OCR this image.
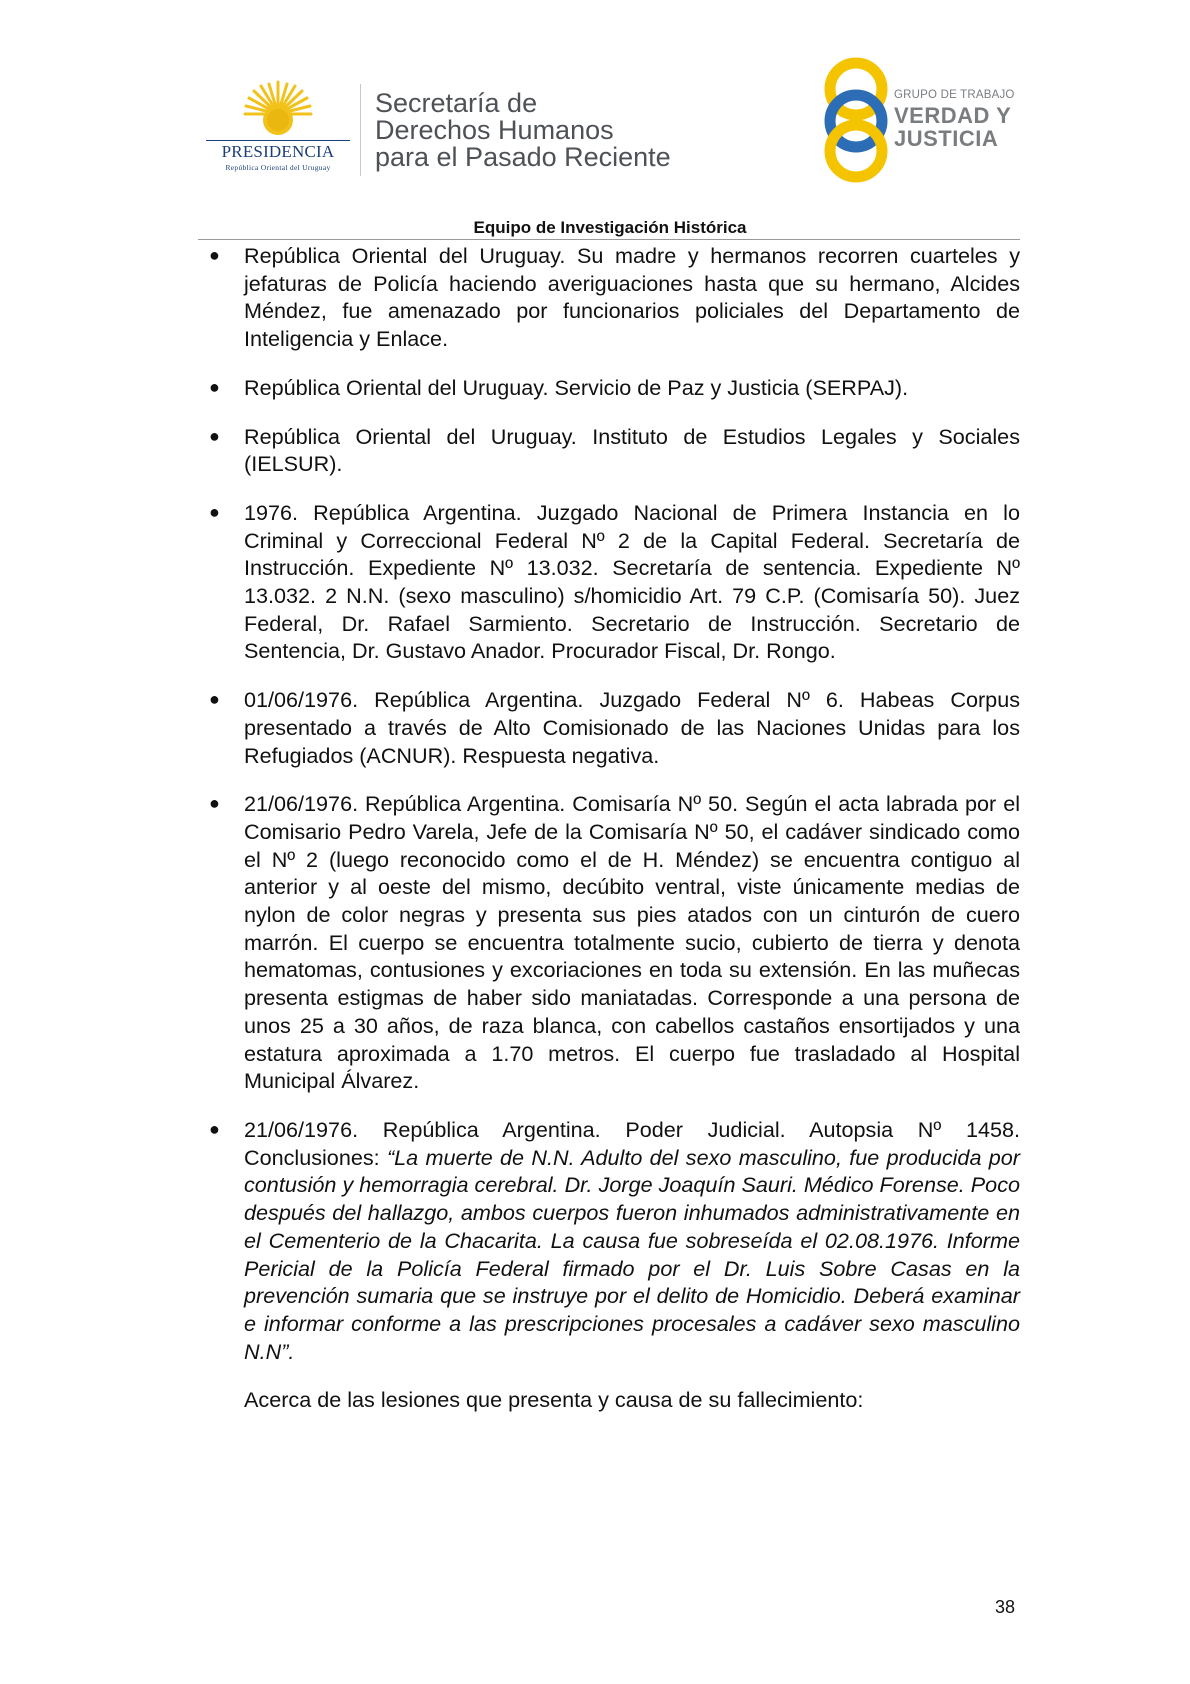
PRESIDENCIA
República Oriental del Uruguay
Secretaría de
Derechos Humanos
para el Pasado Reciente
GRUPO DE TRABAJO
VERDAD Y
JUSTICIA
Equipo de Investigación Histórica
● República Oriental del Uruguay. Su madre y hermanos recorren cuarteles y jefaturas de Policía haciendo averiguaciones hasta que su hermano, Alcides Méndez, fue amenazado por funcionarios policiales del Departamento de Inteligencia y Enlace.
● República Oriental del Uruguay. Servicio de Paz y Justicia (SERPAJ).
● República Oriental del Uruguay. Instituto de Estudios Legales y Sociales (IELSUR).
● 1976. República Argentina. Juzgado Nacional de Primera Instancia en lo Criminal y Correccional Federal Nº 2 de la Capital Federal. Secretaría de Instrucción. Expediente Nº 13.032. Secretaría de sentencia. Expediente Nº 13.032. 2 N.N. (sexo masculino) s/homicidio Art. 79 C.P. (Comisaría 50). Juez Federal, Dr. Rafael Sarmiento. Secretario de Instrucción. Secretario de Sentencia, Dr. Gustavo Anador. Procurador Fiscal, Dr. Rongo.
● 01/06/1976. República Argentina. Juzgado Federal Nº 6. Habeas Corpus presentado a través de Alto Comisionado de las Naciones Unidas para los Refugiados (ACNUR). Respuesta negativa.
● 21/06/1976. República Argentina. Comisaría Nº 50. Según el acta labrada por el Comisario Pedro Varela, Jefe de la Comisaría Nº 50, el cadáver sindicado como el Nº 2 (luego reconocido como el de H. Méndez) se encuentra contiguo al anterior y al oeste del mismo, decúbito ventral, viste únicamente medias de nylon de color negras y presenta sus pies atados con un cinturón de cuero marrón. El cuerpo se encuentra totalmente sucio, cubierto de tierra y denota hematomas, contusiones y excoriaciones en toda su extensión. En las muñecas presenta estigmas de haber sido maniatadas. Corresponde a una persona de unos 25 a 30 años, de raza blanca, con cabellos castaños ensortijados y una estatura aproximada a 1.70 metros. El cuerpo fue trasladado al Hospital Municipal Álvarez.
● 21/06/1976. República Argentina. Poder Judicial. Autopsia Nº 1458. Conclusiones: “La muerte de N.N. Adulto del sexo masculino, fue producida por contusión y hemorragia cerebral. Dr. Jorge Joaquín Sauri. Médico Forense. Poco después del hallazgo, ambos cuerpos fueron inhumados administrativamente en el Cementerio de la Chacarita. La causa fue sobreseída el 02.08.1976. Informe Pericial de la Policía Federal firmado por el Dr. Luis Sobre Casas en la prevención sumaria que se instruye por el delito de Homicidio. Deberá examinar e informar conforme a las prescripciones procesales a cadáver sexo masculino N.N”.
Acerca de las lesiones que presenta y causa de su fallecimiento:
38
